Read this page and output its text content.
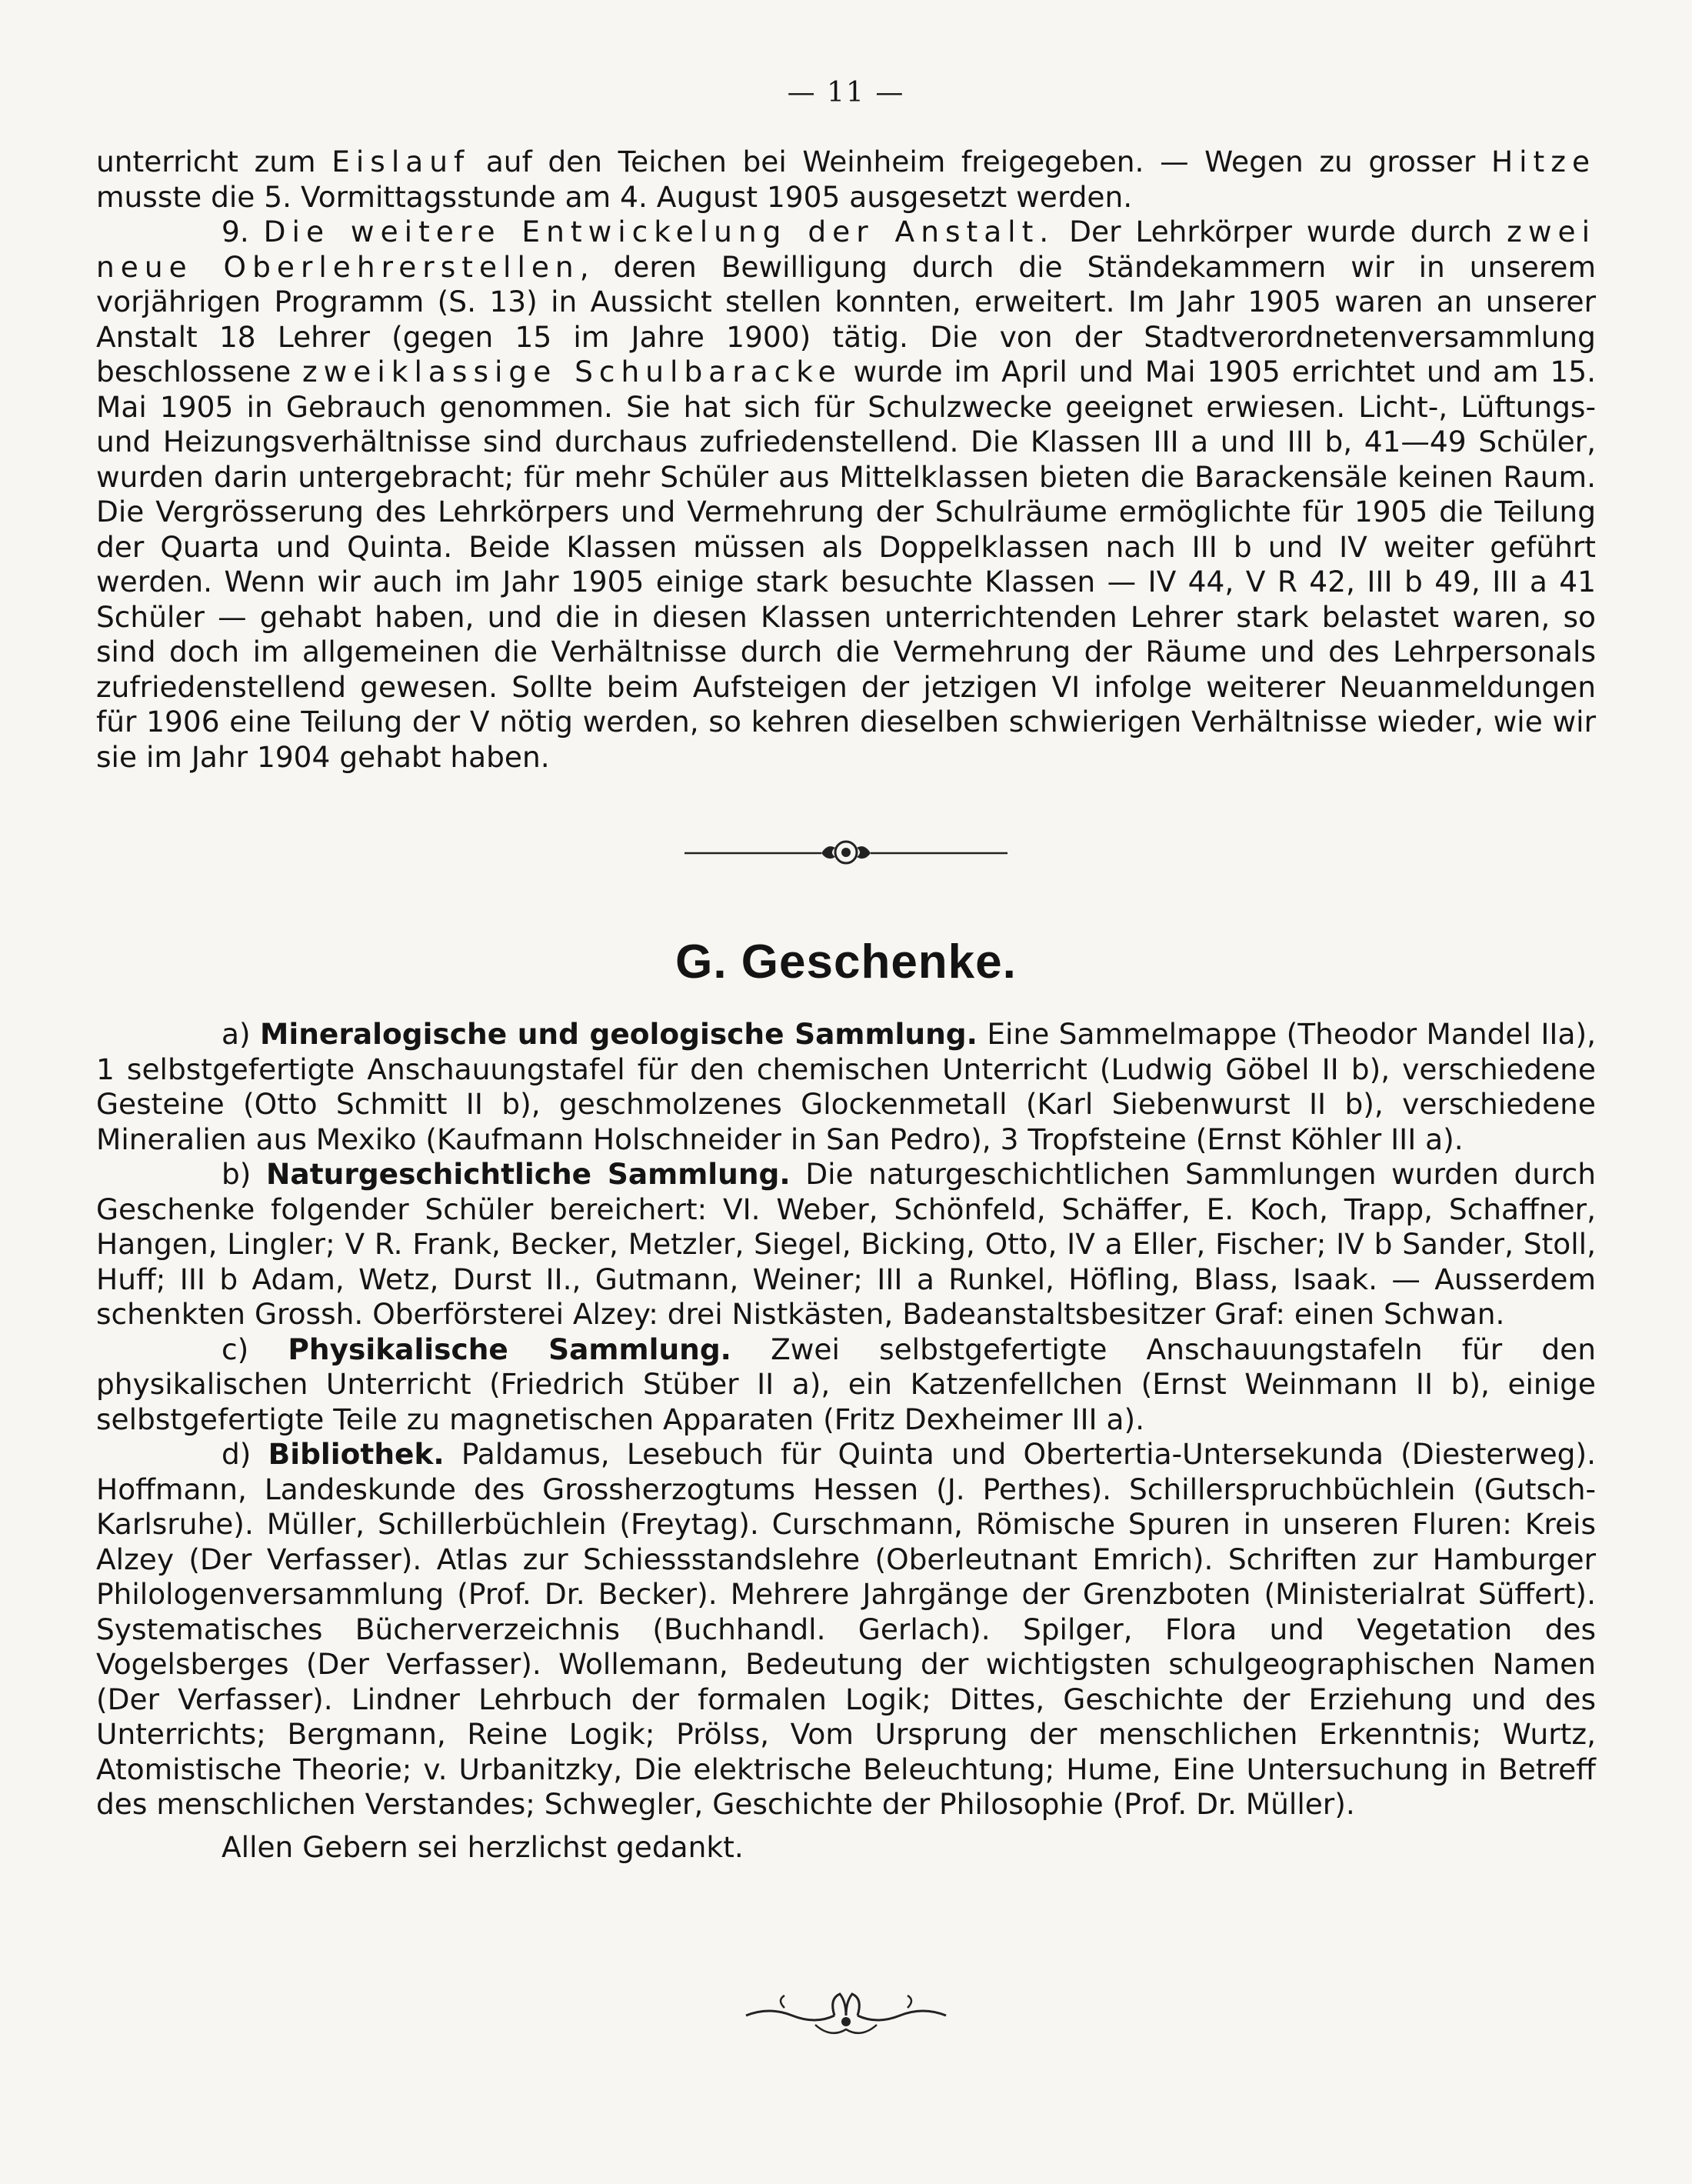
— 11 —

unterricht zum Eislauf auf den Teichen bei Weinheim freigegeben. — Wegen zu grosser Hitze musste die 5. Vormittagsstunde am 4. August 1905 ausgesetzt werden.

9. Die weitere Entwickelung der Anstalt. Der Lehrkörper wurde durch zwei neue Oberlehrerstellen, deren Bewilligung durch die Ständekammern wir in unserem vorjährigen Programm (S. 13) in Aussicht stellen konnten, erweitert. Im Jahr 1905 waren an unserer Anstalt 18 Lehrer (gegen 15 im Jahre 1900) tätig. Die von der Stadtverordnetenversammlung beschlossene zweiklassige Schulbaracke wurde im April und Mai 1905 errichtet und am 15. Mai 1905 in Gebrauch genommen. Sie hat sich für Schulzwecke geeignet erwiesen. Licht-, Lüftungs- und Heizungsverhältnisse sind durchaus zufriedenstellend. Die Klassen III a und III b, 41—49 Schüler, wurden darin untergebracht; für mehr Schüler aus Mittelklassen bieten die Barackensäle keinen Raum. Die Vergrösserung des Lehrkörpers und Vermehrung der Schulräume ermöglichte für 1905 die Teilung der Quarta und Quinta. Beide Klassen müssen als Doppelklassen nach III b und IV weiter geführt werden. Wenn wir auch im Jahr 1905 einige stark besuchte Klassen — IV 44, V R 42, III b 49, III a 41 Schüler — gehabt haben, und die in diesen Klassen unterrichtenden Lehrer stark belastet waren, so sind doch im allgemeinen die Verhältnisse durch die Vermehrung der Räume und des Lehrpersonals zufriedenstellend gewesen. Sollte beim Aufsteigen der jetzigen VI infolge weiterer Neuanmeldungen für 1906 eine Teilung der V nötig werden, so kehren dieselben schwierigen Verhältnisse wieder, wie wir sie im Jahr 1904 gehabt haben.

G. Geschenke.

a) Mineralogische und geologische Sammlung. Eine Sammelmappe (Theodor Mandel IIa), 1 selbstgefertigte Anschauungstafel für den chemischen Unterricht (Ludwig Göbel II b), verschiedene Gesteine (Otto Schmitt II b), geschmolzenes Glockenmetall (Karl Siebenwurst II b), verschiedene Mineralien aus Mexiko (Kaufmann Holschneider in San Pedro), 3 Tropfsteine (Ernst Köhler III a).

b) Naturgeschichtliche Sammlung. Die naturgeschichtlichen Sammlungen wurden durch Geschenke folgender Schüler bereichert: VI. Weber, Schönfeld, Schäffer, E. Koch, Trapp, Schaffner, Hangen, Lingler; V R. Frank, Becker, Metzler, Siegel, Bicking, Otto, IV a Eller, Fischer; IV b Sander, Stoll, Huff; III b Adam, Wetz, Durst II., Gutmann, Weiner; III a Runkel, Höfling, Blass, Isaak. — Ausserdem schenkten Grossh. Oberförsterei Alzey: drei Nistkästen, Badeanstaltsbesitzer Graf: einen Schwan.

c) Physikalische Sammlung. Zwei selbstgefertigte Anschauungstafeln für den physikalischen Unterricht (Friedrich Stüber II a), ein Katzenfellchen (Ernst Weinmann II b), einige selbstgefertigte Teile zu magnetischen Apparaten (Fritz Dexheimer III a).

d) Bibliothek. Paldamus, Lesebuch für Quinta und Obertertia-Untersekunda (Diesterweg). Hoffmann, Landeskunde des Grossherzogtums Hessen (J. Perthes). Schillerspruchbüchlein (Gutsch-Karlsruhe). Müller, Schillerbüchlein (Freytag). Curschmann, Römische Spuren in unseren Fluren: Kreis Alzey (Der Verfasser). Atlas zur Schiessstandslehre (Oberleutnant Emrich). Schriften zur Hamburger Philologenversammlung (Prof. Dr. Becker). Mehrere Jahrgänge der Grenzboten (Ministerialrat Süffert). Systematisches Bücherverzeichnis (Buchhandl. Gerlach). Spilger, Flora und Vegetation des Vogelsberges (Der Verfasser). Wollemann, Bedeutung der wichtigsten schulgeographischen Namen (Der Verfasser). Lindner Lehrbuch der formalen Logik; Dittes, Geschichte der Erziehung und des Unterrichts; Bergmann, Reine Logik; Prölss, Vom Ursprung der menschlichen Erkenntnis; Wurtz, Atomistische Theorie; v. Urbanitzky, Die elektrische Beleuchtung; Hume, Eine Untersuchung in Betreff des menschlichen Verstandes; Schwegler, Geschichte der Philosophie (Prof. Dr. Müller).

Allen Gebern sei herzlichst gedankt.
